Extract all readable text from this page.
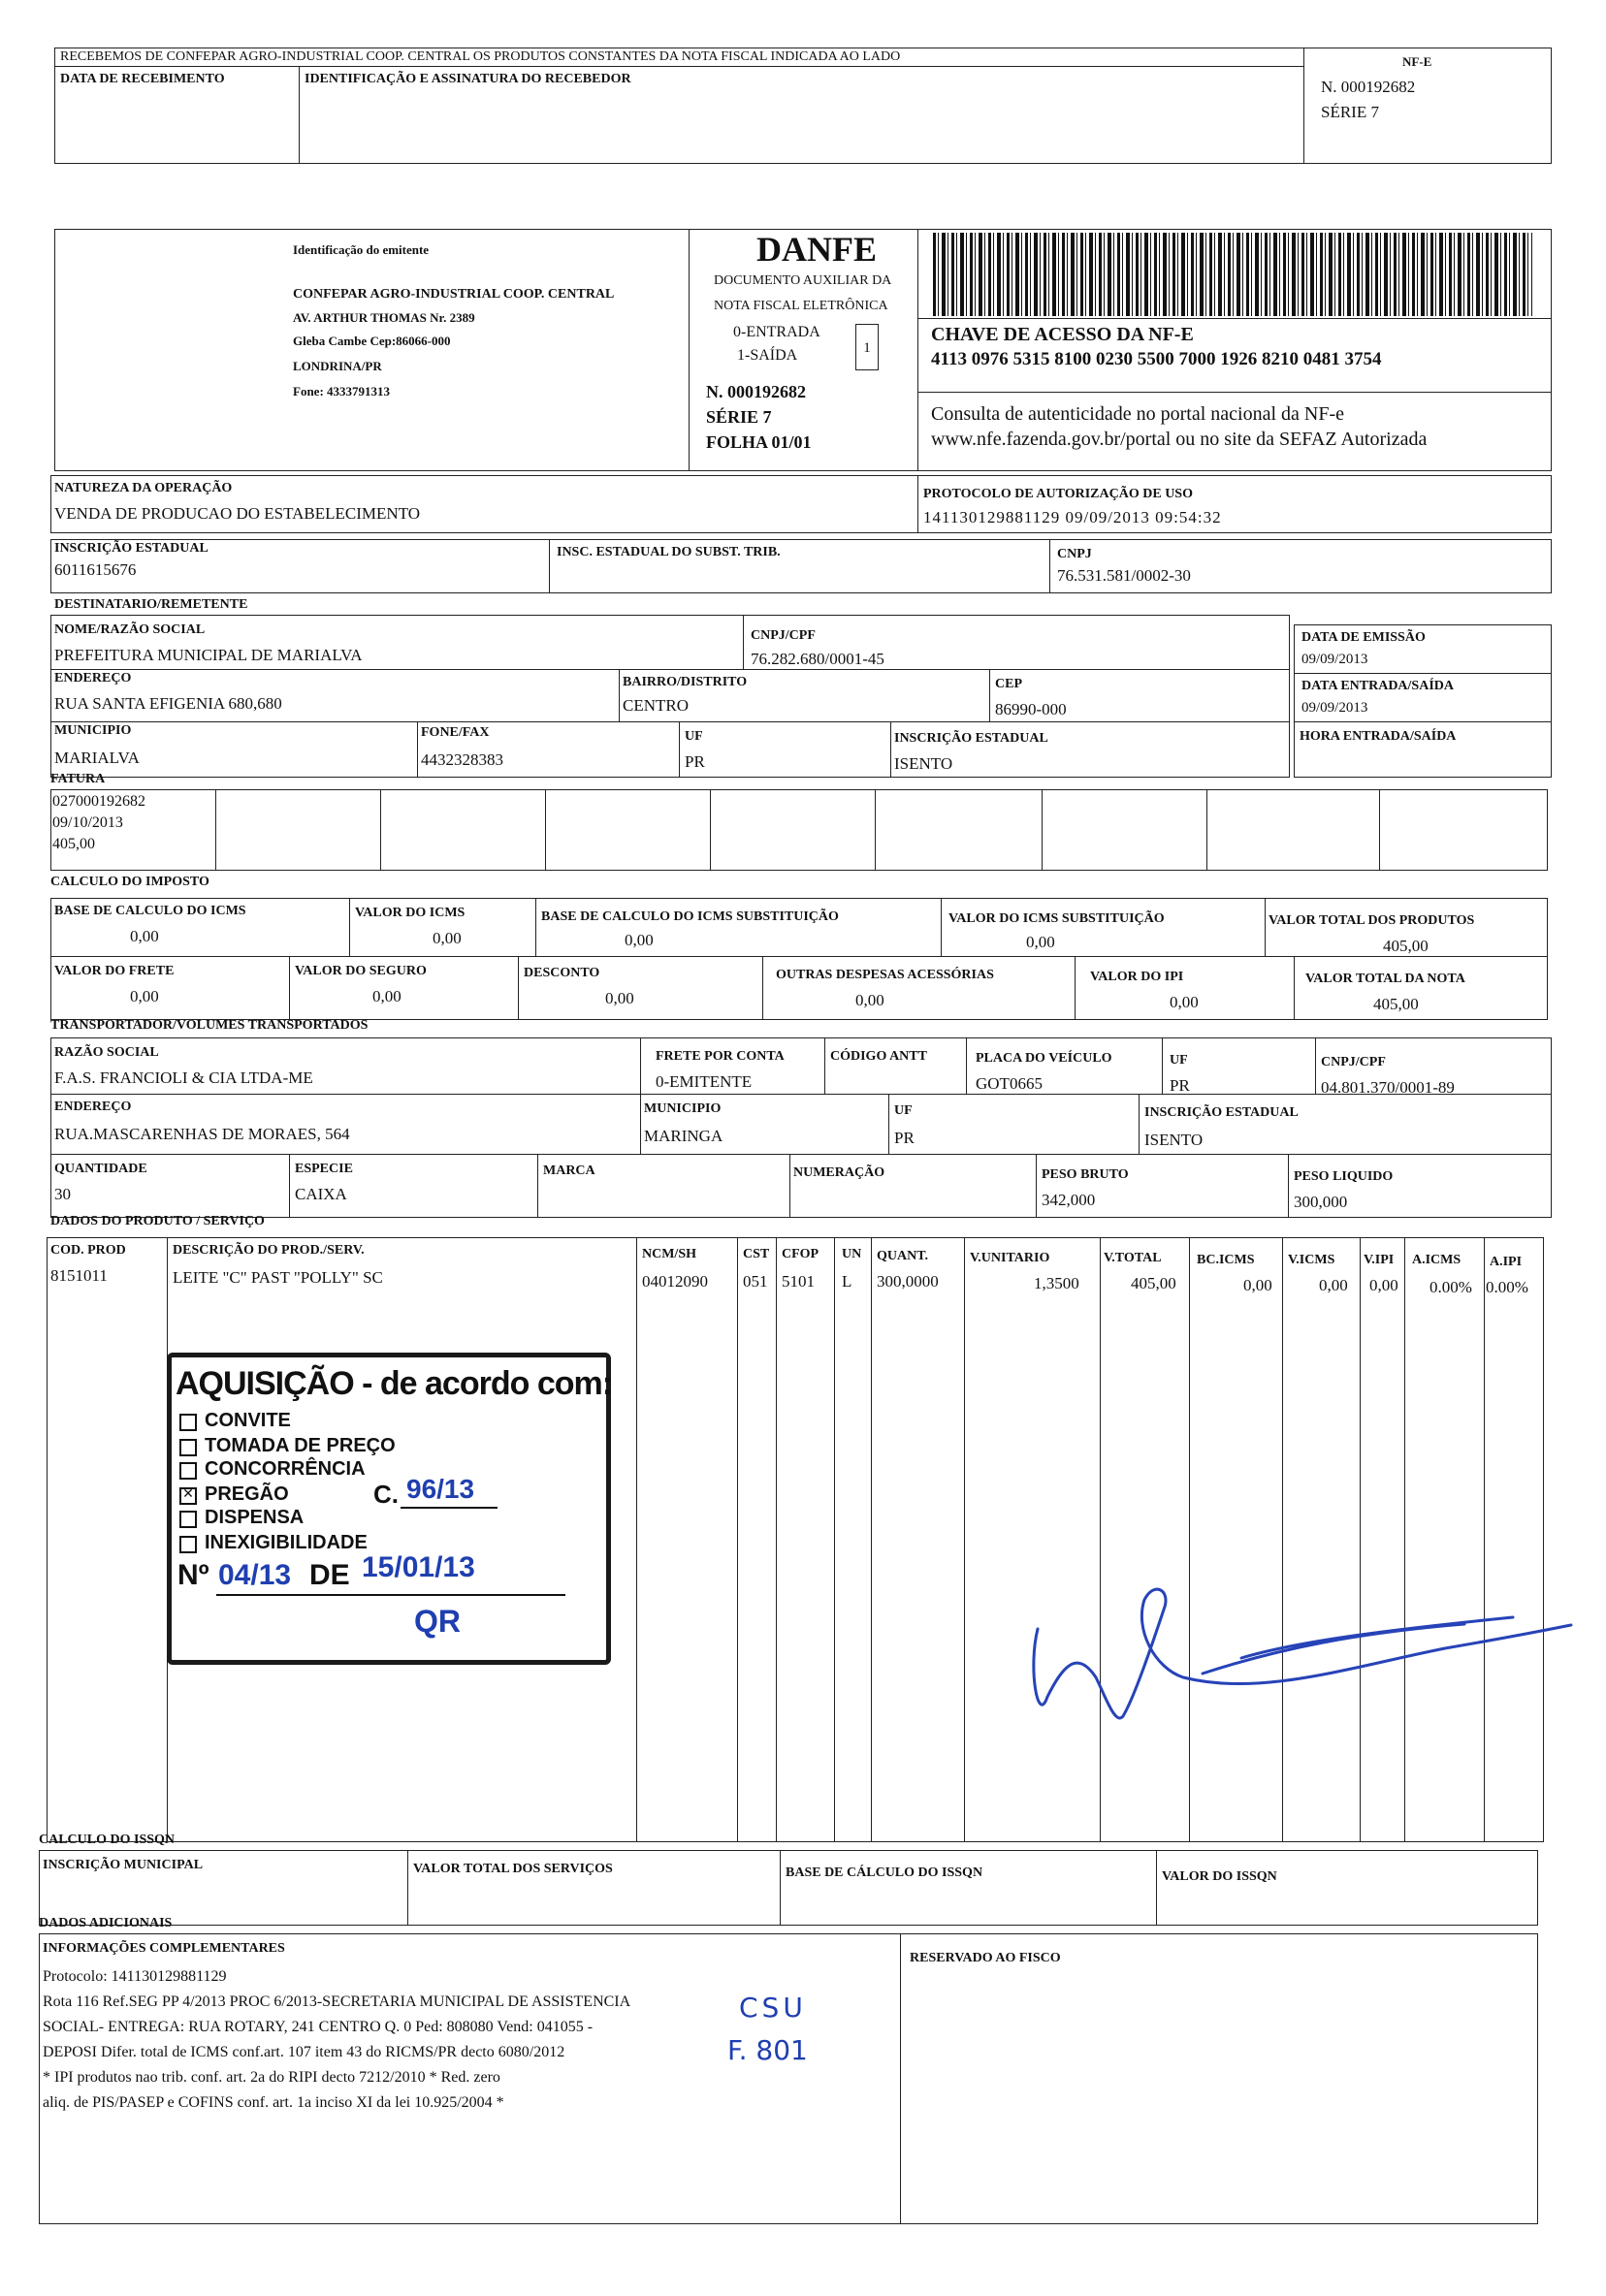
RECEBEMOS DE CONFEPAR AGRO-INDUSTRIAL COOP. CENTRAL OS PRODUTOS CONSTANTES DA NOTA FISCAL INDICADA AO LADO
DATA DE RECEBIMENTO	IDENTIFICAÇÃO E ASSINATURA DO RECEBEDOR
NF-E
N. 000192682
SÉRIE 7
Identificação do emitente
CONFEPAR AGRO-INDUSTRIAL COOP. CENTRAL
AV. ARTHUR THOMAS Nr. 2389
Gleba Cambe Cep:86066-000
LONDRINA/PR
Fone: 4333791313
DANFE
DOCUMENTO AUXILIAR DA
NOTA FISCAL ELETRÔNICA
0-ENTRADA
1-SAÍDA	1
N. 000192682
SÉRIE 7
FOLHA 01/01
CHAVE DE ACESSO DA NF-E
4113 0976 5315 8100 0230 5500 7000 1926 8210 0481 3754
Consulta de autenticidade no portal nacional da NF-e
www.nfe.fazenda.gov.br/portal ou no site da SEFAZ Autorizada
NATUREZA DA OPERAÇÃO
VENDA DE PRODUCAO DO ESTABELECIMENTO
PROTOCOLO DE AUTORIZAÇÃO DE USO
141130129881129 09/09/2013 09:54:32
INSCRIÇÃO ESTADUAL
6011615676
INSC. ESTADUAL DO SUBST. TRIB.	CNPJ
76.531.581/0002-30
DESTINATARIO/REMETENTE
NOME/RAZÃO SOCIAL
PREFEITURA MUNICIPAL DE MARIALVA
CNPJ/CPF
76.282.680/0001-45
DATA DE EMISSÃO
09/09/2013
ENDEREÇO
RUA SANTA EFIGENIA 680,680
BAIRRO/DISTRITO
CENTRO
CEP
86990-000
DATA ENTRADA/SAÍDA
09/09/2013
MUNICIPIO
MARIALVA
FONE/FAX
4432328383
UF
PR
INSCRIÇÃO ESTADUAL
ISENTO
HORA ENTRADA/SAÍDA
FATURA
027000192682
09/10/2013
405,00
CALCULO DO IMPOSTO
BASE DE CALCULO DO ICMS
0,00
VALOR DO ICMS
0,00
BASE DE CALCULO DO ICMS SUBSTITUIÇÃO
0,00
VALOR DO ICMS SUBSTITUIÇÃO
0,00
VALOR TOTAL DOS PRODUTOS
405,00
VALOR DO FRETE
0,00
VALOR DO SEGURO
0,00
DESCONTO
0,00
OUTRAS DESPESAS ACESSÓRIAS
0,00
VALOR DO IPI
0,00
VALOR TOTAL DA NOTA
405,00
TRANSPORTADOR/VOLUMES TRANSPORTADOS
RAZÃO SOCIAL
F.A.S. FRANCIOLI & CIA LTDA-ME
FRETE POR CONTA
0-EMITENTE
CÓDIGO ANTT	PLACA DO VEÍCULO
GOT0665
UF
PR
CNPJ/CPF
04.801.370/0001-89
ENDEREÇO
RUA.MASCARENHAS DE MORAES, 564
MUNICIPIO
MARINGA
UF
PR
INSCRIÇÃO ESTADUAL
ISENTO
QUANTIDADE
30
ESPECIE
CAIXA
MARCA	NUMERAÇÃO	PESO BRUTO
342,000
PESO LIQUIDO
300,000
DADOS DO PRODUTO / SERVIÇO
COD. PROD	DESCRIÇÃO DO PROD./SERV.	NCM/SH	CST CFOP UN QUANT.	V.UNITARIO	V.TOTAL	BC.ICMS V.ICMS V.IPI A.ICMS A.IPI
8151011	LEITE "C" PAST "POLLY" SC	04012090 051 5101 L 300,0000	1,3500	405,00	0,00	0,00 0,00 0.00% 0.00%
AQUISIÇÃO - de acordo com:
CONVITE
TOMADA DE PREÇO
CONCORRÊNCIA
✕ PREGÃO	C. 96/13
DISPENSA
INEXIGIBILIDADE
Nº 04/13 DE 15/01/13
QR
CALCULO DO ISSQN
INSCRIÇÃO MUNICIPAL	VALOR TOTAL DOS SERVIÇOS	BASE DE CÁLCULO DO ISSQN	VALOR DO ISSQN
DADOS ADICIONAIS
INFORMAÇÕES COMPLEMENTARES
RESERVADO AO FISCO
Protocolo: 141130129881129
Rota 116 Ref.SEG PP 4/2013 PROC 6/2013-SECRETARIA MUNICIPAL DE ASSISTENCIA
SOCIAL- ENTREGA: RUA ROTARY, 241 CENTRO Q. 0 Ped: 808080 Vend: 041055 -
DEPOSI Difer. total de ICMS conf.art. 107 item 43 do RICMS/PR decto 6080/2012
* IPI produtos nao trib. conf. art. 2a do RIPI decto 7212/2010 * Red. zero
aliq. de PIS/PASEP e COFINS conf. art. 1a inciso XI da lei 10.925/2004 *
CSU
F. 801
